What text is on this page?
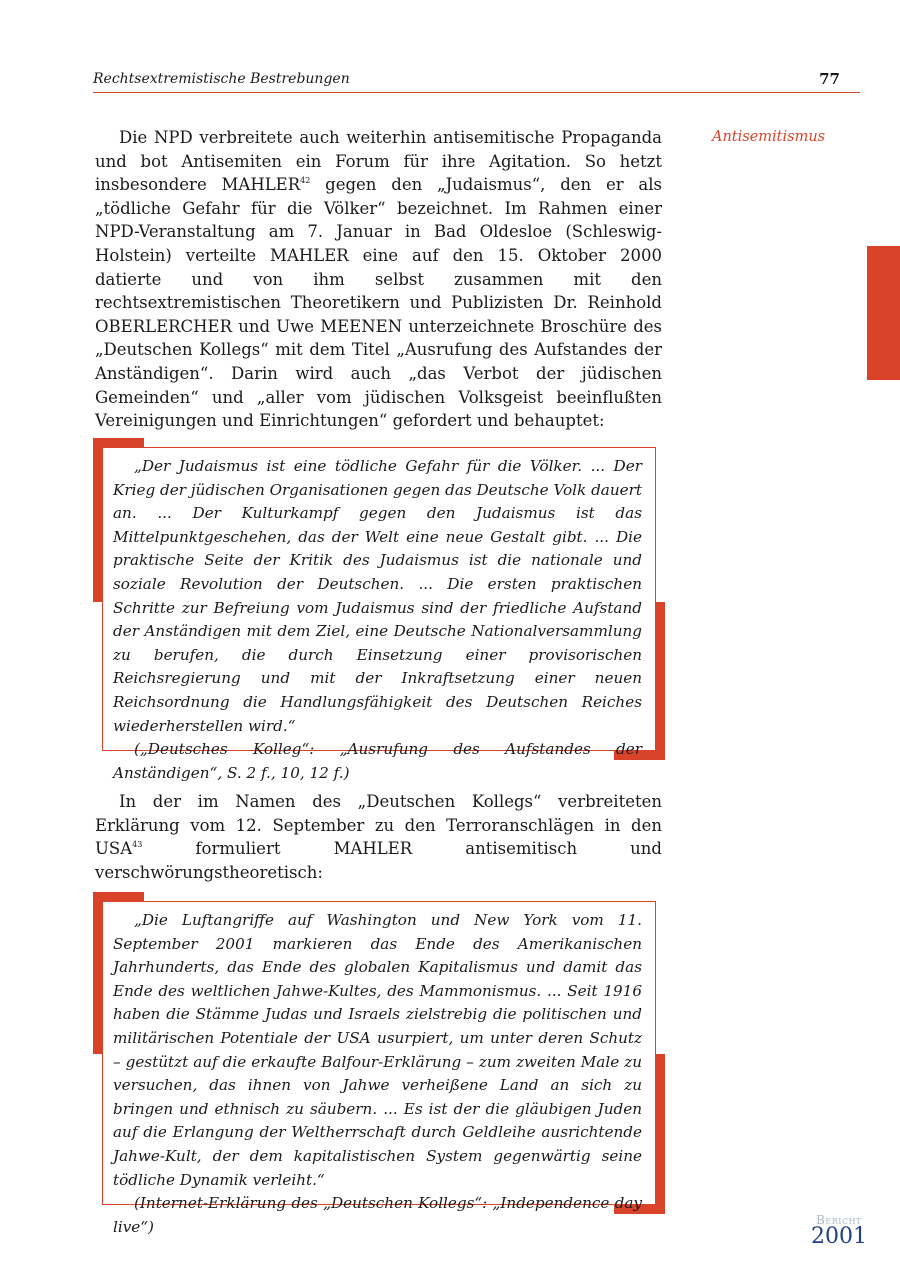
Rechtsextremistische Bestrebungen	77
Antisemitismus

Die NPD verbreitete auch weiterhin antisemitische Propaganda und bot Antisemiten ein Forum für ihre Agitation. So hetzt insbesondere MAHLER$^{42}$ gegen den „Judaismus“, den er als „tödliche Gefahr für die Völker“ bezeichnet. Im Rahmen einer NPD-Veranstaltung am 7. Januar in Bad Oldesloe (Schleswig-Holstein) verteilte MAHLER eine auf den 15. Oktober 2000 datierte und von ihm selbst zusammen mit den rechtsextremistischen Theoretikern und Publizisten Dr. Reinhold OBERLERCHER und Uwe MEENEN unterzeichnete Broschüre des „Deutschen Kollegs“ mit dem Titel „Ausrufung des Aufstandes der Anständigen“. Darin wird auch „das Verbot der jüdischen Gemeinden“ und „aller vom jüdischen Volksgeist beeinflußten Vereinigungen und Einrichtungen“ gefordert und behauptet:

„Der Judaismus ist eine tödliche Gefahr für die Völker. ... Der Krieg der jüdischen Organisationen gegen das Deutsche Volk dauert an. ... Der Kulturkampf gegen den Judaismus ist das Mittelpunktgeschehen, das der Welt eine neue Gestalt gibt. ... Die praktische Seite der Kritik des Judaismus ist die nationale und soziale Revolution der Deutschen. ... Die ersten praktischen Schritte zur Befreiung vom Judaismus sind der friedliche Aufstand der Anständigen mit dem Ziel, eine Deutsche Nationalversammlung zu berufen, die durch Einsetzung einer provisorischen Reichsregierung und mit der Inkraftsetzung einer neuen Reichsordnung die Handlungsfähigkeit des Deutschen Reiches wiederherstellen wird.“

(„Deutsches Kolleg“: „Ausrufung des Aufstandes der Anständigen“, S. 2 f., 10, 12 f.)

In der im Namen des „Deutschen Kollegs“ verbreiteten Erklärung vom 12. September zu den Terroranschlägen in den USA$^{43}$ formuliert MAHLER antisemitisch und verschwörungstheoretisch:

„Die Luftangriffe auf Washington und New York vom 11. September 2001 markieren das Ende des Amerikanischen Jahrhunderts, das Ende des globalen Kapitalismus und damit das Ende des weltlichen Jahwe-Kultes, des Mammonismus. ... Seit 1916 haben die Stämme Judas und Israels zielstrebig die politischen und militärischen Potentiale der USA usurpiert, um unter deren Schutz – gestützt auf die erkaufte Balfour-Erklärung – zum zweiten Male zu versuchen, das ihnen von Jahwe verheißene Land an sich zu bringen und ethnisch zu säubern. ... Es ist der die gläubigen Juden auf die Erlangung der Weltherrschaft durch Geldleihe ausrichtende Jahwe-Kult, der dem kapitalistischen System gegenwärtig seine tödliche Dynamik verleiht.“

(Internet-Erklärung des „Deutschen Kollegs“: „Independence day live“)	Bericht
2001
